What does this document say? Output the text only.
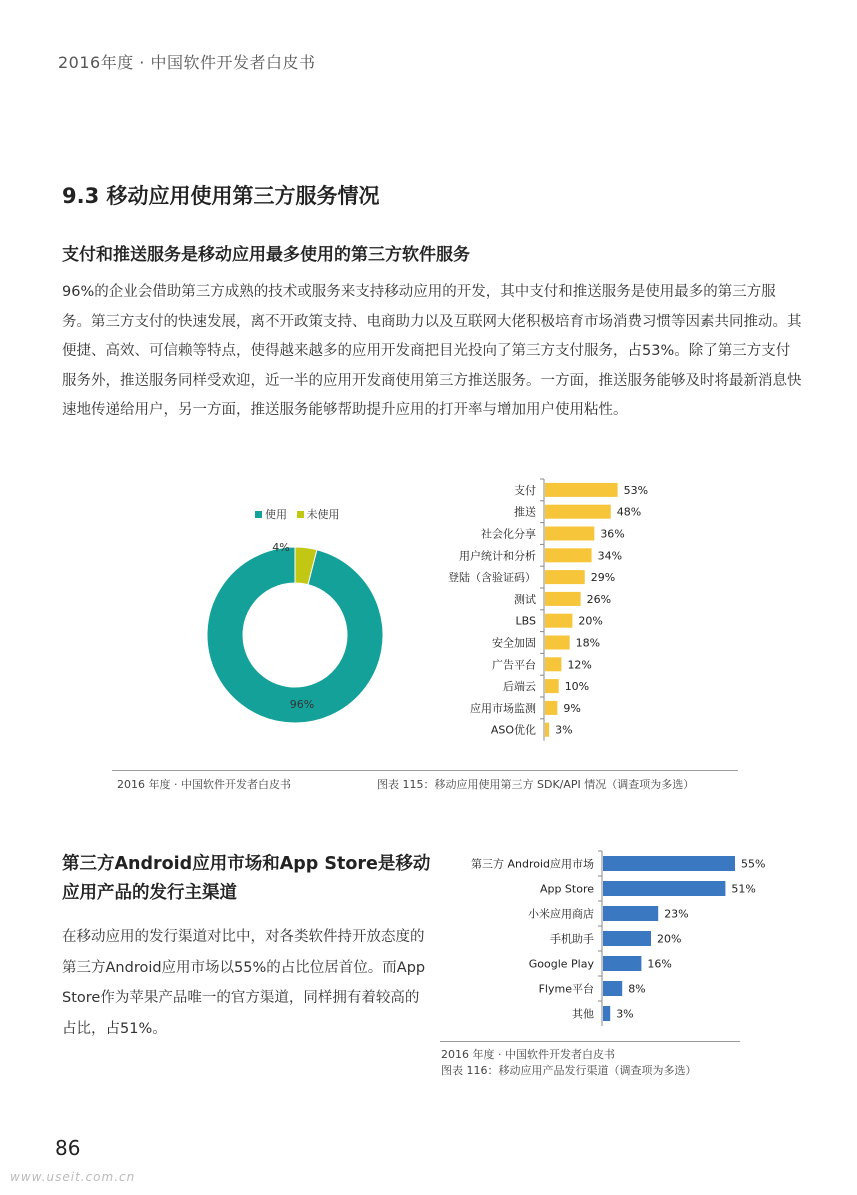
2016年度 · 中国软件开发者白皮书
9.3 移动应用使用第三方服务情况
支付和推送服务是移动应用最多使用的第三方软件服务
96%的企业会借助第三方成熟的技术或服务来支持移动应用的开发，其中支付和推送服务是使用最多的第三方服务。第三方支付的快速发展，离不开政策支持、电商助力以及互联网大佬积极培育市场消费习惯等因素共同推动。其便捷、高效、可信赖等特点，使得越来越多的应用开发商把目光投向了第三方支付服务，占53%。除了第三方支付服务外，推送服务同样受欢迎，近一半的应用开发商使用第三方推送服务。一方面，推送服务能够及时将最新消息快速地传递给用户，另一方面，推送服务能够帮助提升应用的打开率与增加用户使用粘性。
使用 未使用
96%
4%
支付	53%
推送	48%
社会化分享	36%
用户统计和分析	34%
登陆（含验证码）	29%
测试	26%
LBS	20%
安全加固	18%
广告平台	12%
后端云	10%
应用市场监测 9%
ASO优化 3%
2016 年度 · 中国软件开发者白皮书	图表 115：移动应用使用第三方 SDK/API 情况（调查项为多选）
第三方Android应用市场和App Store是移动应用产品的发行主渠道
在移动应用的发行渠道对比中，对各类软件持开放态度的第三方Android应用市场以55%的占比位居首位。而App Store作为苹果产品唯一的官方渠道，同样拥有着较高的占比，占51%。
第三方 Android应用市场	55%
App Store	51%
小米应用商店	23%
手机助手	20%
Google Play	16%
Flyme平台	8%
其他 3%
2016 年度 · 中国软件开发者白皮书
图表 116：移动应用产品发行渠道（调查项为多选）
86
www.useit.com.cn
